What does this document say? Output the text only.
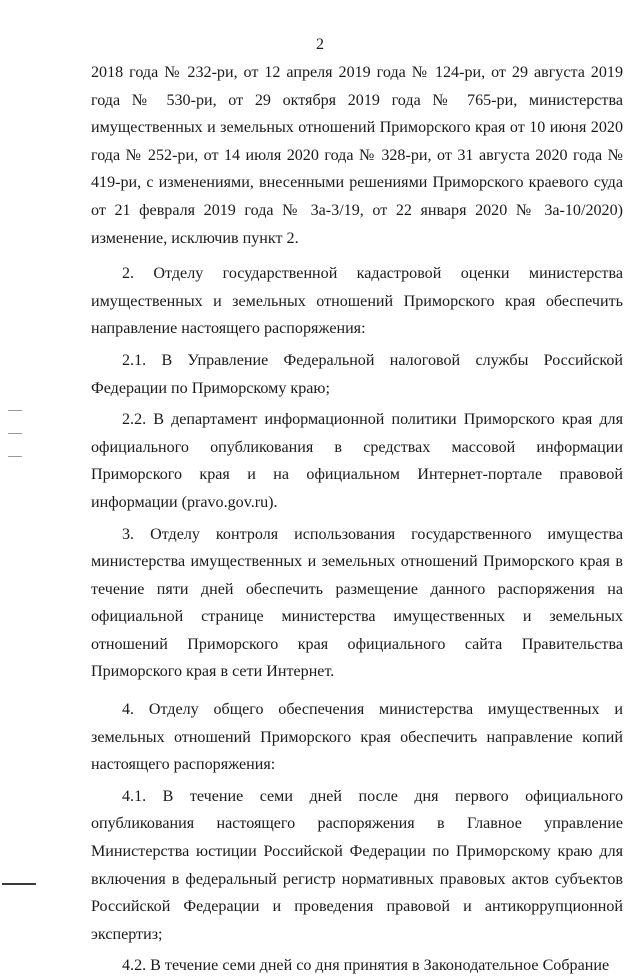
2

2018 года № 232-ри, от 12 апреля 2019 года № 124-ри, от 29 августа 2019 года № 530-ри, от 29 октября 2019 года № 765-ри, министерства имущественных и земельных отношений Приморского края от 10 июня 2020 года № 252-ри, от 14 июля 2020 года № 328-ри, от 31 августа 2020 года № 419-ри, с изменениями, внесенными решениями Приморского краевого суда от 21 февраля 2019 года № 3а-3/19, от 22 января 2020 № 3а-10/2020) изменение, исключив пункт 2.

2. Отделу государственной кадастровой оценки министерства имущественных и земельных отношений Приморского края обеспечить направление настоящего распоряжения:

2.1. В Управление Федеральной налоговой службы Российской Федерации по Приморскому краю;

2.2. В департамент информационной политики Приморского края для официального опубликования в средствах массовой информации Приморского края и на официальном Интернет-портале правовой информации (pravo.gov.ru).

3. Отделу контроля использования государственного имущества министерства имущественных и земельных отношений Приморского края в течение пяти дней обеспечить размещение данного распоряжения на официальной странице министерства имущественных и земельных отношений Приморского края официального сайта Правительства Приморского края в сети Интернет.

4. Отделу общего обеспечения министерства имущественных и земельных отношений Приморского края обеспечить направление копий настоящего распоряжения:

4.1. В течение семи дней после дня первого официального опубликования настоящего распоряжения в Главное управление Министерства юстиции Российской Федерации по Приморскому краю для включения в федеральный регистр нормативных правовых актов субъектов Российской Федерации и проведения правовой и антикоррупционной экспертиз;

4.2. В течение семи дней со дня принятия в Законодательное Собрание
